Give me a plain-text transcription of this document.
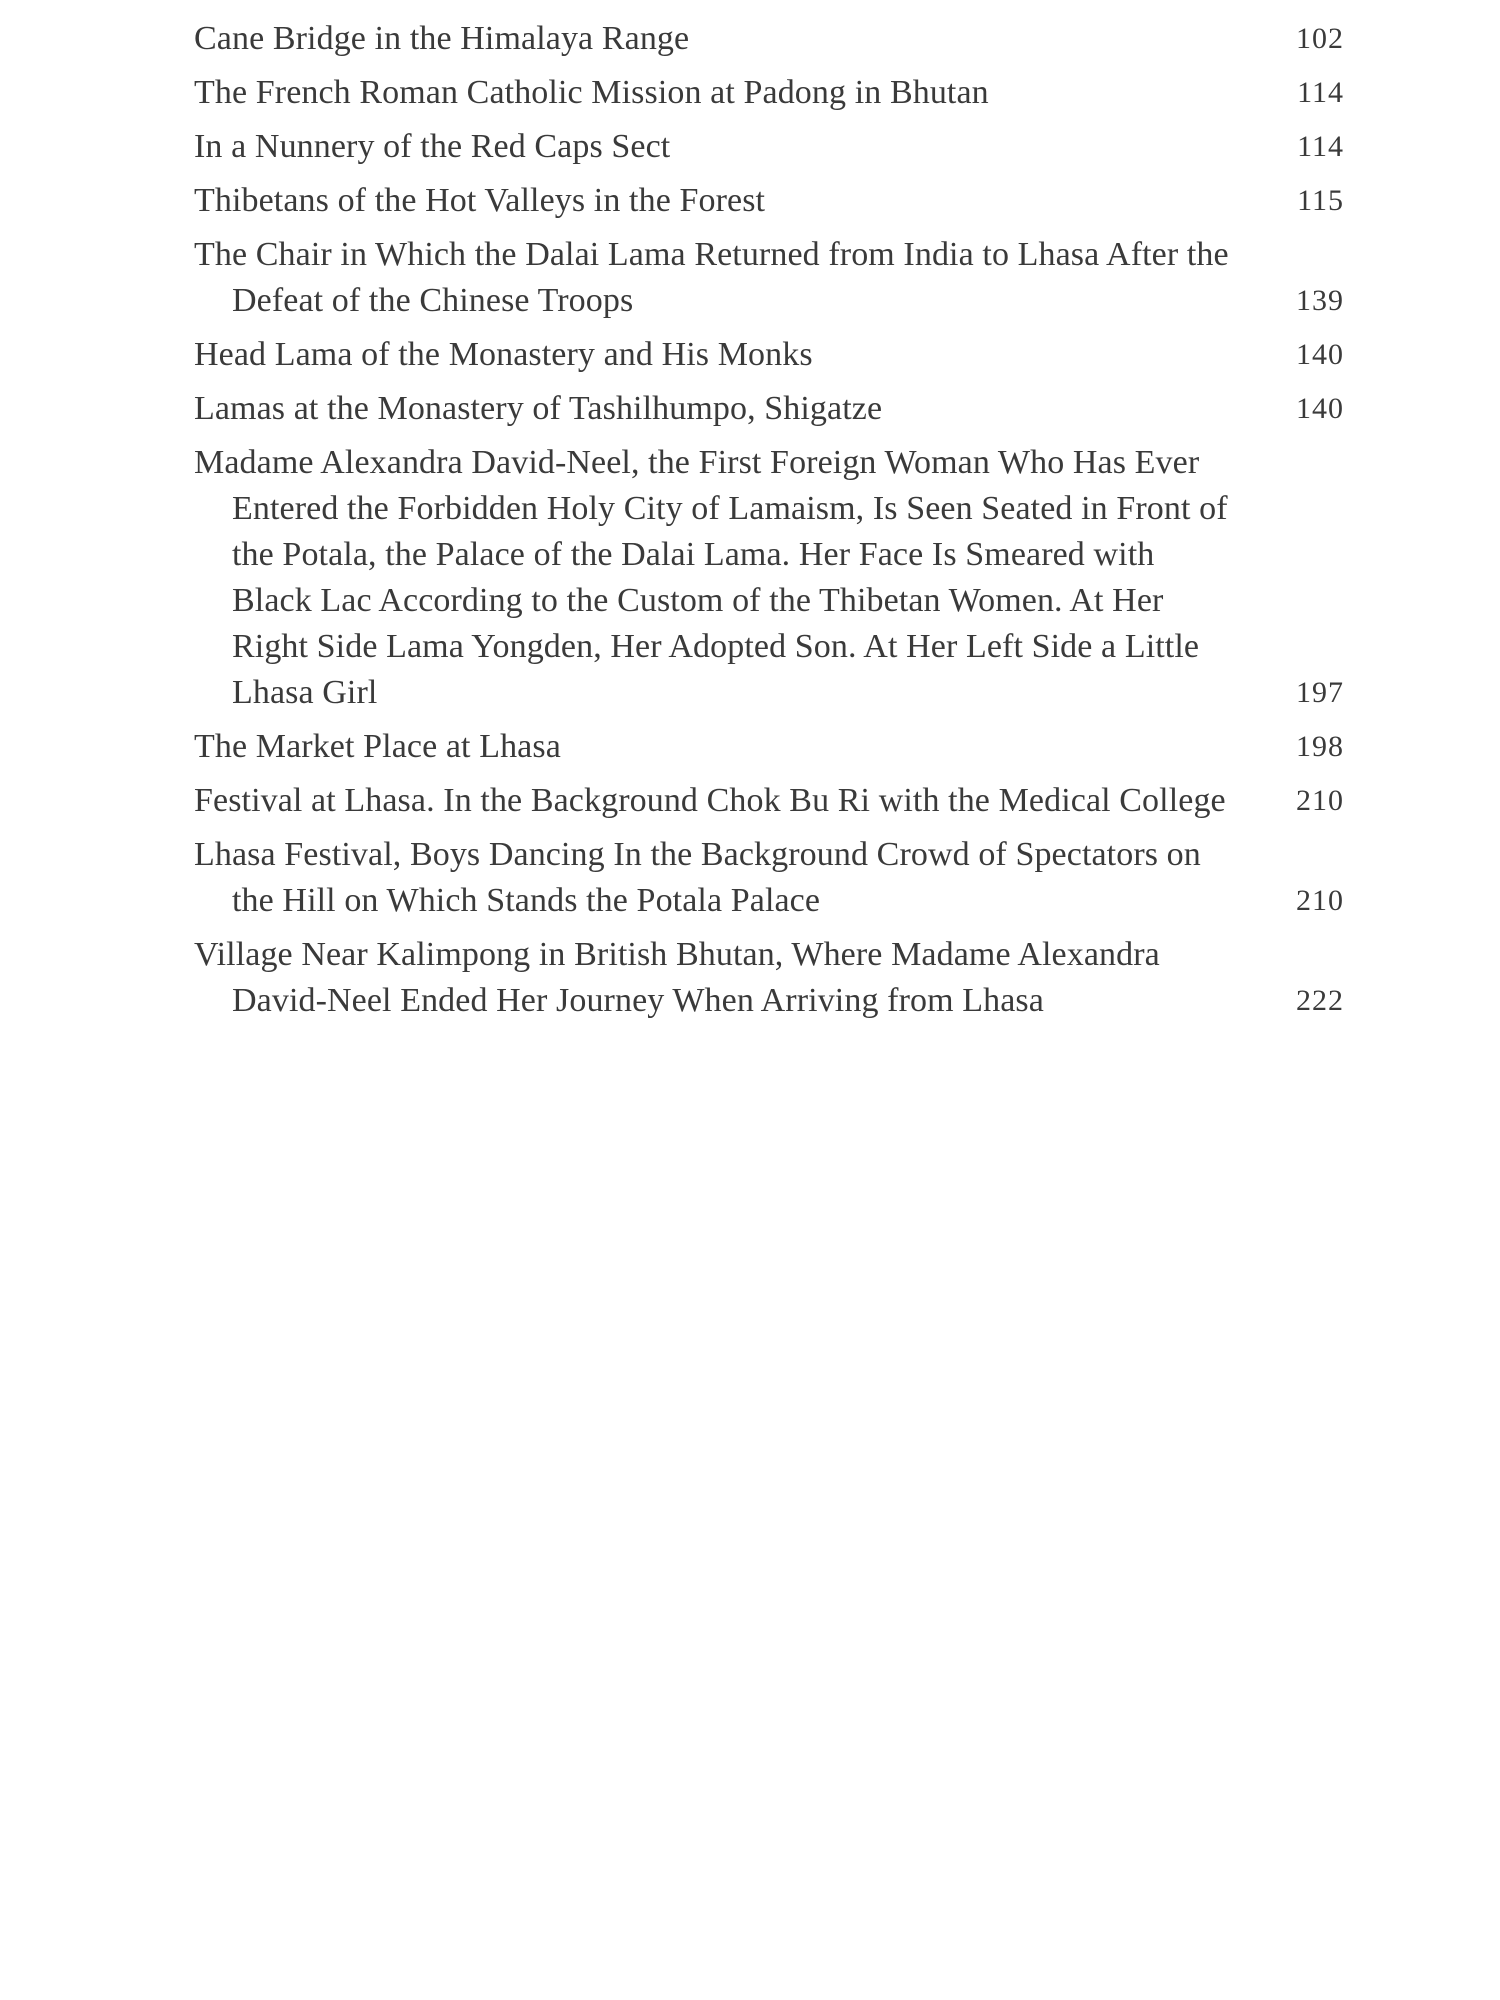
Cane Bridge in the Himalaya Range	102
The French Roman Catholic Mission at Padong in Bhutan	114
In a Nunnery of the Red Caps Sect	114
Thibetans of the Hot Valleys in the Forest	115
The Chair in Which the Dalai Lama Returned from India to Lhasa After the Defeat of the Chinese Troops	139
Head Lama of the Monastery and His Monks	140
Lamas at the Monastery of Tashilhumpo, Shigatze	140
Madame Alexandra David-Neel, the First Foreign Woman Who Has Ever Entered the Forbidden Holy City of Lamaism, Is Seen Seated in Front of the Potala, the Palace of the Dalai Lama. Her Face Is Smeared with Black Lac According to the Custom of the Thibetan Women. At Her Right Side Lama Yongden, Her Adopted Son. At Her Left Side a Little Lhasa Girl	197
The Market Place at Lhasa	198
Festival at Lhasa. In the Background Chok Bu Ri with the Medical College	210
Lhasa Festival, Boys Dancing In the Background Crowd of Spectators on the Hill on Which Stands the Potala Palace	210
Village Near Kalimpong in British Bhutan, Where Madame Alexandra David-Neel Ended Her Journey When Arriving from Lhasa	222
